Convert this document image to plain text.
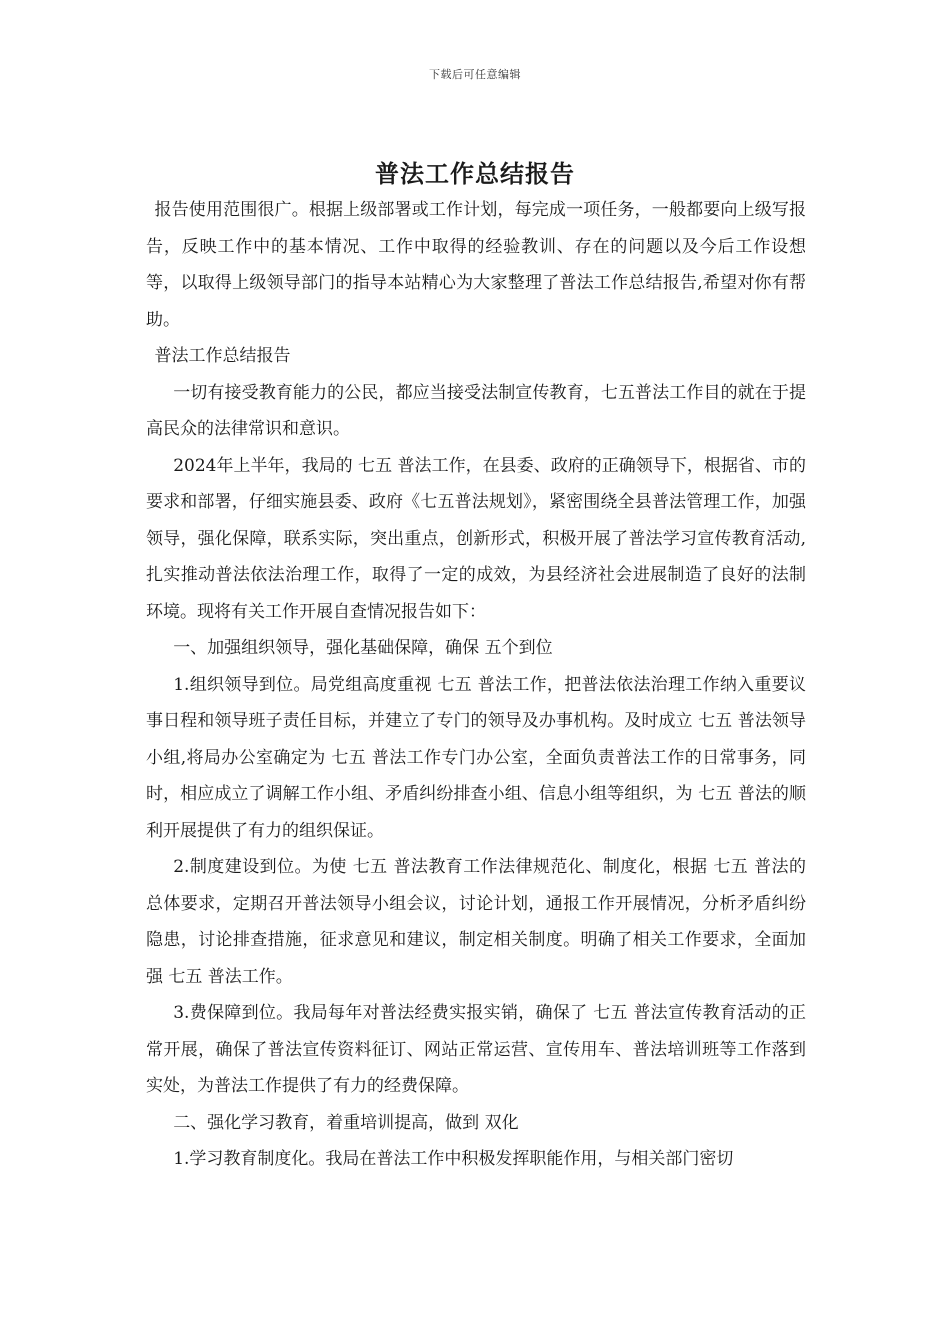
下载后可任意编辑
普法工作总结报告

报告使用范围很广。根据上级部署或工作计划，每完成一项任务，一般都要向上级写报告，反映工作中的基本情况、工作中取得的经验教训、存在的问题以及今后工作设想等，以取得上级领导部门的指导本站精心为大家整理了普法工作总结报告,希望对你有帮助。

普法工作总结报告

一切有接受教育能力的公民，都应当接受法制宣传教育，七五普法工作目的就在于提高民众的法律常识和意识。

2024年上半年，我局的 七五 普法工作，在县委、政府的正确领导下，根据省、市的要求和部署，仔细实施县委、政府《七五普法规划》，紧密围绕全县普法管理工作，加强领导，强化保障，联系实际，突出重点，创新形式，积极开展了普法学习宣传教育活动,扎实推动普法依法治理工作，取得了一定的成效，为县经济社会进展制造了良好的法制环境。现将有关工作开展自查情况报告如下：

一、加强组织领导，强化基础保障，确保 五个到位

1.组织领导到位。局党组高度重视 七五 普法工作，把普法依法治理工作纳入重要议事日程和领导班子责任目标，并建立了专门的领导及办事机构。及时成立 七五 普法领导小组,将局办公室确定为 七五 普法工作专门办公室，全面负责普法工作的日常事务，同时，相应成立了调解工作小组、矛盾纠纷排查小组、信息小组等组织，为 七五 普法的顺利开展提供了有力的组织保证。

2.制度建设到位。为使 七五 普法教育工作法律规范化、制度化，根据 七五 普法的总体要求，定期召开普法领导小组会议，讨论计划，通报工作开展情况，分析矛盾纠纷隐患，讨论排查措施，征求意见和建议，制定相关制度。明确了相关工作要求，全面加强 七五 普法工作。

3.费保障到位。我局每年对普法经费实报实销，确保了 七五 普法宣传教育活动的正常开展，确保了普法宣传资料征订、网站正常运营、宣传用车、普法培训班等工作落到实处，为普法工作提供了有力的经费保障。

二、强化学习教育，着重培训提高，做到 双化

1.学习教育制度化。我局在普法工作中积极发挥职能作用，与相关部门密切
